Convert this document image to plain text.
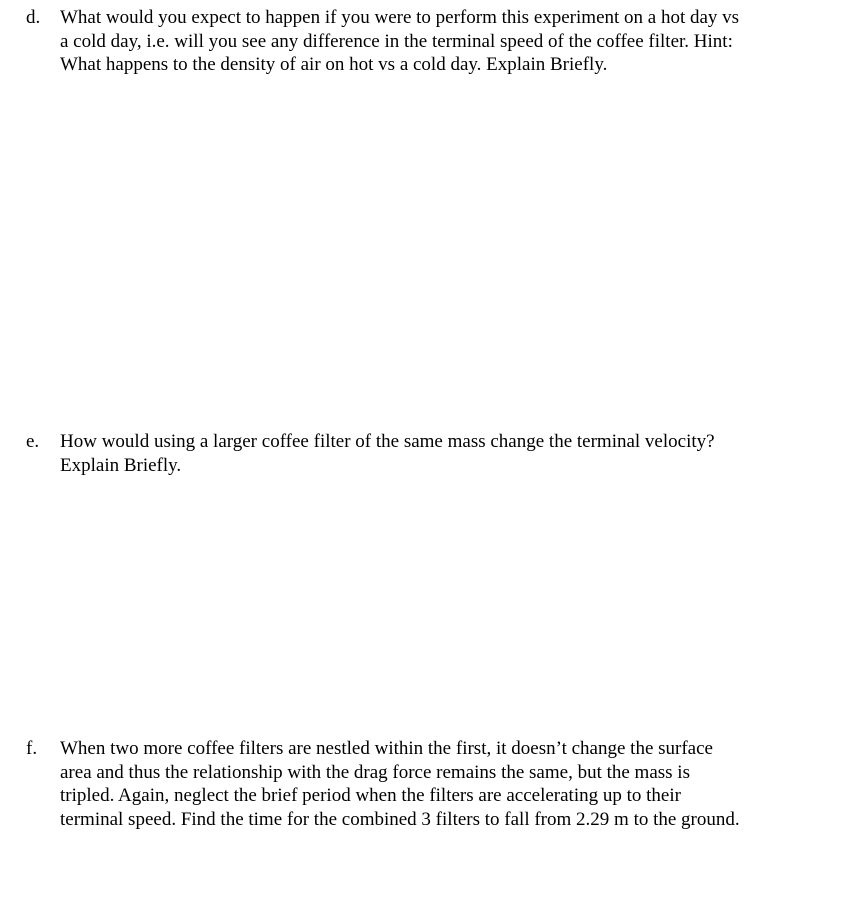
d. What would you expect to happen if you were to perform this experiment on a hot day vs
a cold day, i.e. will you see any difference in the terminal speed of the coffee filter. Hint:
What happens to the density of air on hot vs a cold day. Explain Briefly.
e. How would using a larger coffee filter of the same mass change the terminal velocity?
Explain Briefly.
f. When two more coffee filters are nestled within the first, it doesn’t change the surface
area and thus the relationship with the drag force remains the same, but the mass is
tripled. Again, neglect the brief period when the filters are accelerating up to their
terminal speed. Find the time for the combined 3 filters to fall from 2.29 m to the ground.
